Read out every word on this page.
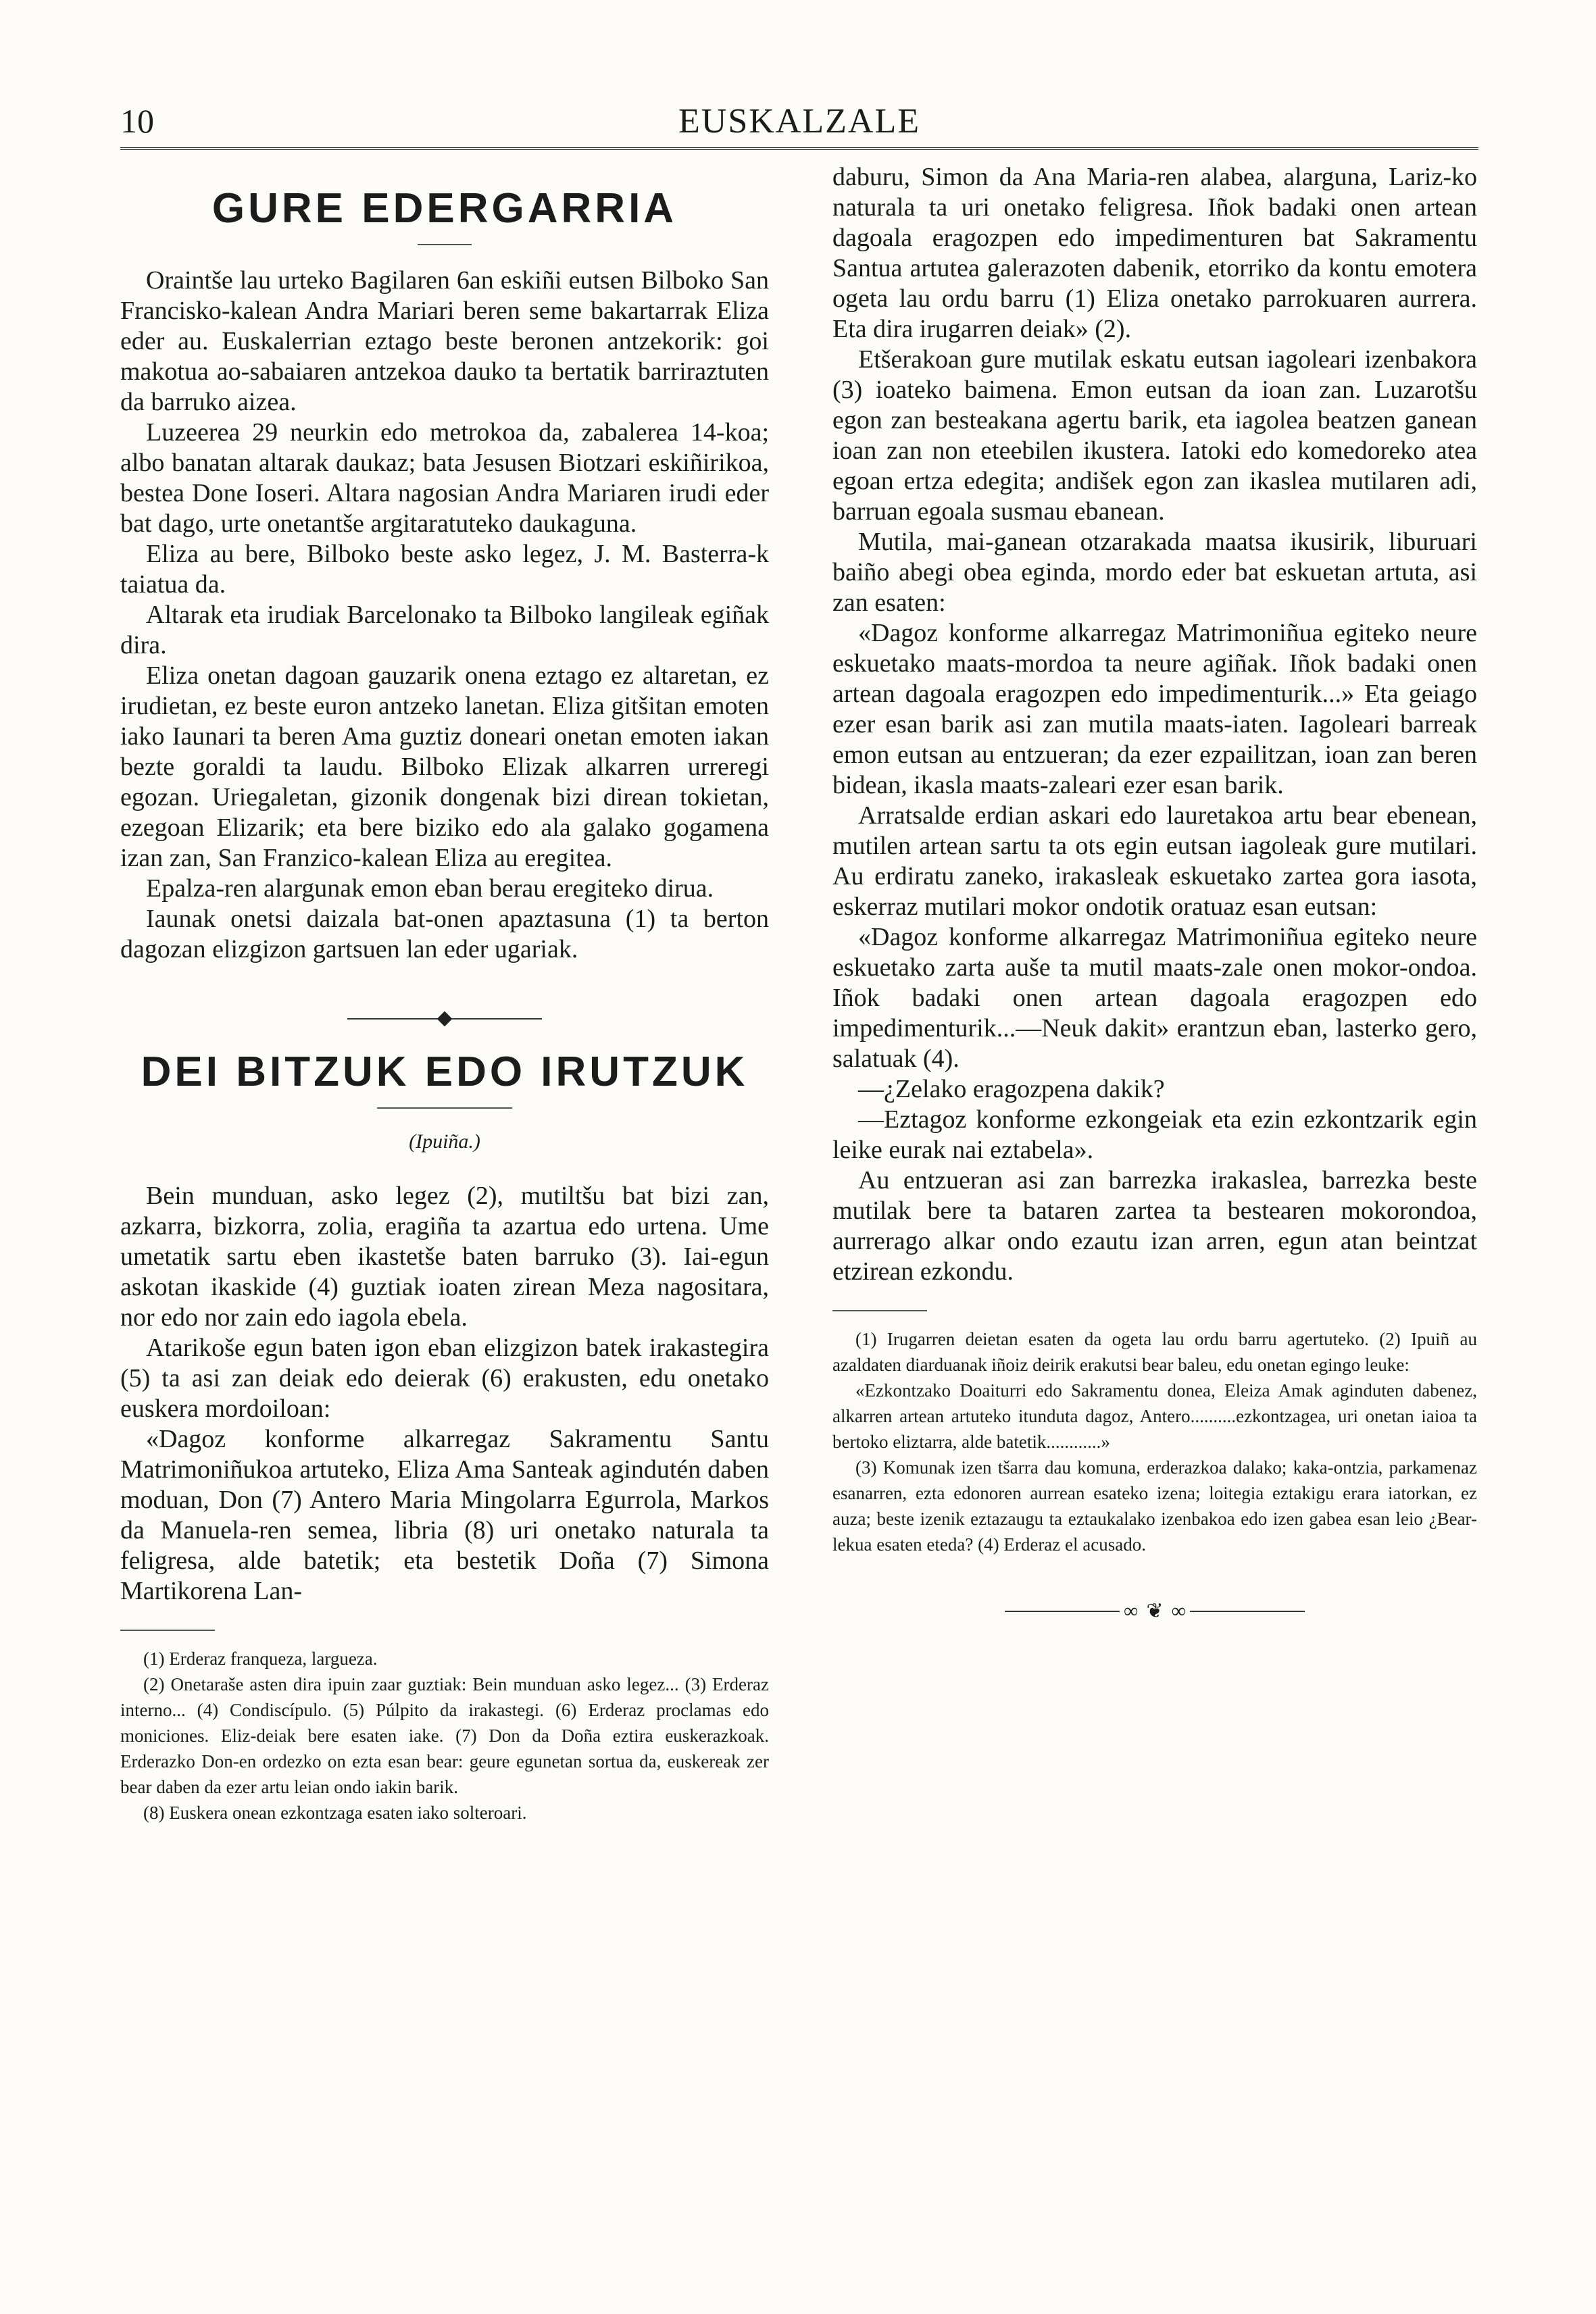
10	EUSKALZALE
GURE EDERGARRIA

Oraintše lau urteko Bagilaren 6an eskiñi eutsen Bilboko San Francisko-kalean Andra Mariari beren seme bakartarrak Eliza eder au. Euskalerrian eztago beste beronen antzekorik: goi makotua ao-sabaiaren antzekoa dauko ta bertatik barriraztuten da barruko aizea.

Luzeerea 29 neurkin edo metrokoa da, zabalerea 14-koa; albo banatan altarak daukaz; bata Jesusen Biotzari eskiñirikoa, bestea Done Ioseri. Altara nagosian Andra Mariaren irudi eder bat dago, urte onetantše argitaratuteko daukaguna.

Eliza au bere, Bilboko beste asko legez, J. M. Basterra-k taiatua da.

Altarak eta irudiak Barcelonako ta Bilboko langileak egiñak dira.

Eliza onetan dagoan gauzarik onena eztago ez altaretan, ez irudietan, ez beste euron antzeko lanetan. Eliza gitšitan emoten iako Iaunari ta beren Ama guztiz doneari onetan emoten iakan bezte goraldi ta laudu. Bilboko Elizak alkarren urreregi egozan. Uriegaletan, gizonik dongenak bizi direan tokietan, ezegoan Elizarik; eta bere biziko edo ala galako gogamena izan zan, San Franzico-kalean Eliza au eregitea.

Epalza-ren alargunak emon eban berau eregiteko dirua.

Iaunak onetsi daizala bat-onen apaztasuna (1) ta berton dagozan elizgizon gartsuen lan eder ugariak.

DEI BITZUK EDO IRUTZUK
(Ipuiña.)

Bein munduan, asko legez (2), mutiltšu bat bizi zan, azkarra, bizkorra, zolia, eragiña ta azartua edo urtena. Ume umetatik sartu eben ikastetše baten barruko (3). Iai-egun askotan ikaskide (4) guztiak ioaten zirean Meza nagositara, nor edo nor zain edo iagola ebela.

Atarikoše egun baten igon eban elizgizon batek irakastegira (5) ta asi zan deiak edo deierak (6) erakusten, edu onetako euskera mordoiloan:

«Dagoz konforme alkarregaz Sakramentu Santu Matrimoniñukoa artuteko, Eliza Ama Santeak agindutén daben moduan, Don (7) Antero Maria Mingolarra Egurrola, Markos da Manuela-ren semea, libria (8) uri onetako naturala ta feligresa, alde batetik; eta bestetik Doña (7) Simona Martikorena Lan-

(1) Erderaz franqueza, largueza.

(2) Onetaraše asten dira ipuin zaar guztiak: Bein munduan asko legez... (3) Erderaz interno... (4) Condiscípulo. (5) Púlpito da irakastegi. (6) Erderaz proclamas edo moniciones. Eliz-deiak bere esaten iake. (7) Don da Doña eztira euskerazkoak. Erderazko Don-en ordezko on ezta esan bear: geure egunetan sortua da, euskereak zer bear daben da ezer artu leian ondo iakin barik.

(8) Euskera onean ezkontzaga esaten iako solteroari.

daburu, Simon da Ana Maria-ren alabea, alarguna, Lariz-ko naturala ta uri onetako feligresa. Iñok badaki onen artean dagoala eragozpen edo impedimenturen bat Sakramentu Santua artutea galerazoten dabenik, etorriko da kontu emotera ogeta lau ordu barru (1) Eliza onetako parrokuaren aurrera. Eta dira irugarren deiak» (2).

Etšerakoan gure mutilak eskatu eutsan iagoleari izenbakora (3) ioateko baimena. Emon eutsan da ioan zan. Luzarotšu egon zan besteakana agertu barik, eta iagolea beatzen ganean ioan zan non eteebilen ikustera. Iatoki edo komedoreko atea egoan ertza edegita; andišek egon zan ikaslea mutilaren adi, barruan egoala susmau ebanean.

Mutila, mai-ganean otzarakada maatsa ikusirik, liburuari baiño abegi obea eginda, mordo eder bat eskuetan artuta, asi zan esaten:

«Dagoz konforme alkarregaz Matrimoniñua egiteko neure eskuetako maats-mordoa ta neure agiñak. Iñok badaki onen artean dagoala eragozpen edo impedimenturik...» Eta geiago ezer esan barik asi zan mutila maats-iaten. Iagoleari barreak emon eutsan au entzueran; da ezer ezpailitzan, ioan zan beren bidean, ikasla maats-zaleari ezer esan barik.

Arratsalde erdian askari edo lauretakoa artu bear ebenean, mutilen artean sartu ta ots egin eutsan iagoleak gure mutilari. Au erdiratu zaneko, irakasleak eskuetako zartea gora iasota, eskerraz mutilari mokor ondotik oratuaz esan eutsan:

«Dagoz konforme alkarregaz Matrimoniñua egiteko neure eskuetako zarta auše ta mutil maats-zale onen mokor-ondoa. Iñok badaki onen artean dagoala eragozpen edo impedimenturik...—Neuk dakit» erantzun eban, lasterko gero, salatuak (4).

—¿Zelako eragozpena dakik?

—Eztagoz konforme ezkongeiak eta ezin ezkontzarik egin leike eurak nai eztabela».

Au entzueran asi zan barrezka irakaslea, barrezka beste mutilak bere ta bataren zartea ta bestearen mokorondoa, aurrerago alkar ondo ezautu izan arren, egun atan beintzat etzirean ezkondu.

(1) Irugarren deietan esaten da ogeta lau ordu barru agertuteko. (2) Ipuiñ au azaldaten diarduanak iñoiz deirik erakutsi bear baleu, edu onetan egingo leuke:

«Ezkontzako Doaiturri edo Sakramentu donea, Eleiza Amak aginduten dabenez, alkarren artean artuteko itunduta dagoz, Antero..........ezkontzagea, uri onetan iaioa ta bertoko eliztarra, alde batetik............»

(3) Komunak izen tšarra dau komuna, erderazkoa dalako; kaka-ontzia, parkamenaz esanarren, ezta edonoren aurrean esateko izena; loitegia eztakigu erara iatorkan, ez auza; beste izenik eztazaugu ta eztaukalako izenbakoa edo izen gabea esan leio ¿Bear-lekua esaten eteda? (4) Erderaz el acusado.

∞ ❦ ∞
